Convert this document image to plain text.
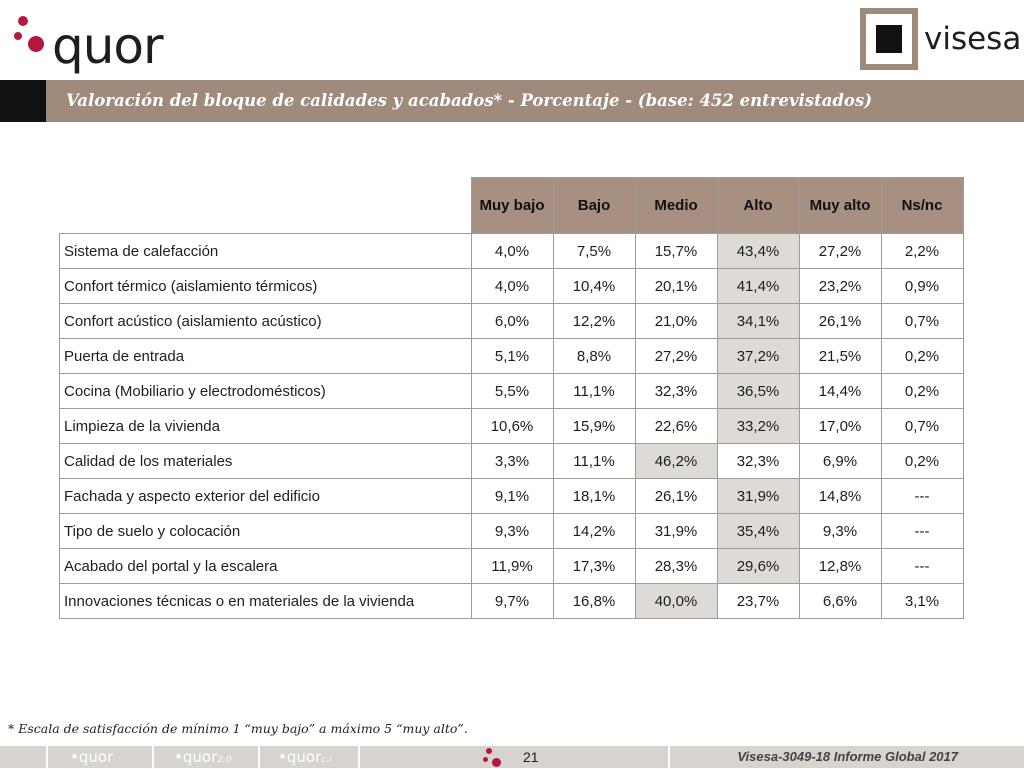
quor	visesa
Valoración del bloque de calidades y acabados* - Porcentaje - (base: 452 entrevistados)
	Muy bajo	Bajo	Medio	Alto	Muy alto	Ns/nc
Sistema de calefacción	4,0%	7,5%	15,7%	43,4%	27,2%	2,2%
Confort térmico (aislamiento térmicos)	4,0%	10,4%	20,1%	41,4%	23,2%	0,9%
Confort acústico (aislamiento acústico)	6,0%	12,2%	21,0%	34,1%	26,1%	0,7%
Puerta de entrada	5,1%	8,8%	27,2%	37,2%	21,5%	0,2%
Cocina (Mobiliario y electrodomésticos)	5,5%	11,1%	32,3%	36,5%	14,4%	0,2%
Limpieza de la vivienda	10,6%	15,9%	22,6%	33,2%	17,0%	0,7%
Calidad de los materiales	3,3%	11,1%	46,2%	32,3%	6,9%	0,2%
Fachada y aspecto exterior del edificio	9,1%	18,1%	26,1%	31,9%	14,8%	---
Tipo de suelo y colocación	9,3%	14,2%	31,9%	35,4%	9,3%	---
Acabado del portal y la escalera	11,9%	17,3%	28,3%	29,6%	12,8%	---
Innovaciones técnicas o en materiales de la vivienda	9,7%	16,8%	40,0%	23,7%	6,6%	3,1%
* Escala de satisfacción de mínimo 1 “muy bajo” a máximo 5 “muy alto”.
•quor	•quor2.0	•quorc.i	21	Visesa-3049-18 Informe Global 2017
